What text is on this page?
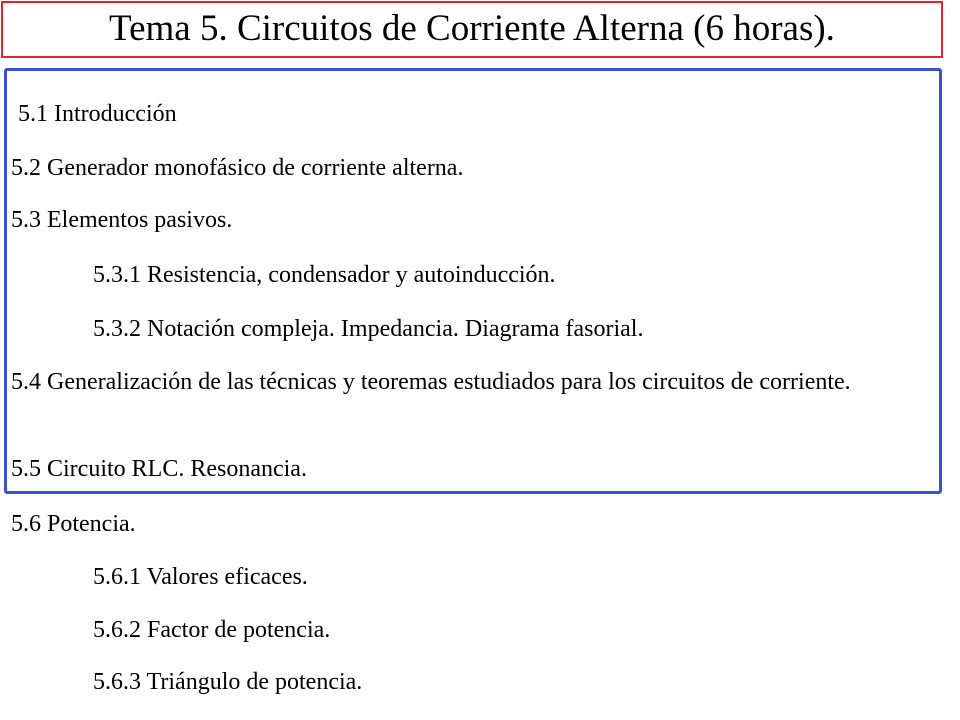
Tema 5. Circuitos de Corriente Alterna (6 horas).
5.1 Introducción
5.2 Generador monofásico de corriente alterna.
5.3 Elementos pasivos.
5.3.1 Resistencia, condensador y autoinducción.
5.3.2 Notación compleja. Impedancia. Diagrama fasorial.
5.4 Generalización de las técnicas y teoremas estudiados para los circuitos de corriente.
5.5 Circuito RLC. Resonancia.
5.6 Potencia.
5.6.1 Valores eficaces.
5.6.2 Factor de potencia.
5.6.3 Triángulo de potencia.
